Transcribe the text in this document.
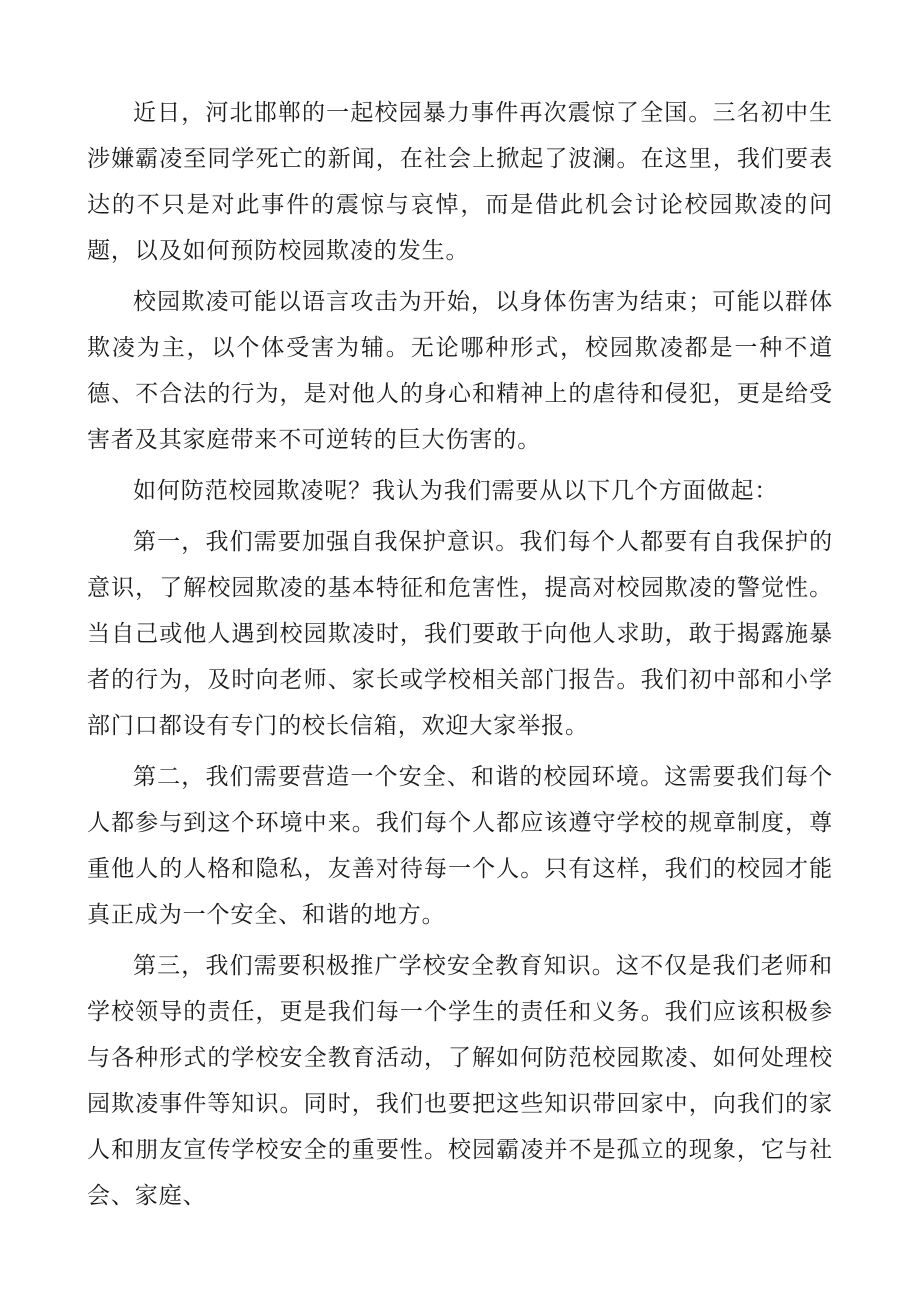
近日，河北邯郸的一起校园暴力事件再次震惊了全国。三名初中生涉嫌霸凌至同学死亡的新闻，在社会上掀起了波澜。在这里，我们要表达的不只是对此事件的震惊与哀悼，而是借此机会讨论校园欺凌的问题，以及如何预防校园欺凌的发生。

校园欺凌可能以语言攻击为开始，以身体伤害为结束；可能以群体欺凌为主，以个体受害为辅。无论哪种形式，校园欺凌都是一种不道德、不合法的行为，是对他人的身心和精神上的虐待和侵犯，更是给受害者及其家庭带来不可逆转的巨大伤害的。

如何防范校园欺凌呢？我认为我们需要从以下几个方面做起：

第一，我们需要加强自我保护意识。我们每个人都要有自我保护的意识，了解校园欺凌的基本特征和危害性，提高对校园欺凌的警觉性。当自己或他人遇到校园欺凌时，我们要敢于向他人求助，敢于揭露施暴者的行为，及时向老师、家长或学校相关部门报告。我们初中部和小学部门口都设有专门的校长信箱，欢迎大家举报。

第二，我们需要营造一个安全、和谐的校园环境。这需要我们每个人都参与到这个环境中来。我们每个人都应该遵守学校的规章制度，尊重他人的人格和隐私，友善对待每一个人。只有这样，我们的校园才能真正成为一个安全、和谐的地方。

第三，我们需要积极推广学校安全教育知识。这不仅是我们老师和学校领导的责任，更是我们每一个学生的责任和义务。我们应该积极参与各种形式的学校安全教育活动，了解如何防范校园欺凌、如何处理校园欺凌事件等知识。同时，我们也要把这些知识带回家中，向我们的家人和朋友宣传学校安全的重要性。校园霸凌并不是孤立的现象，它与社会、家庭、
